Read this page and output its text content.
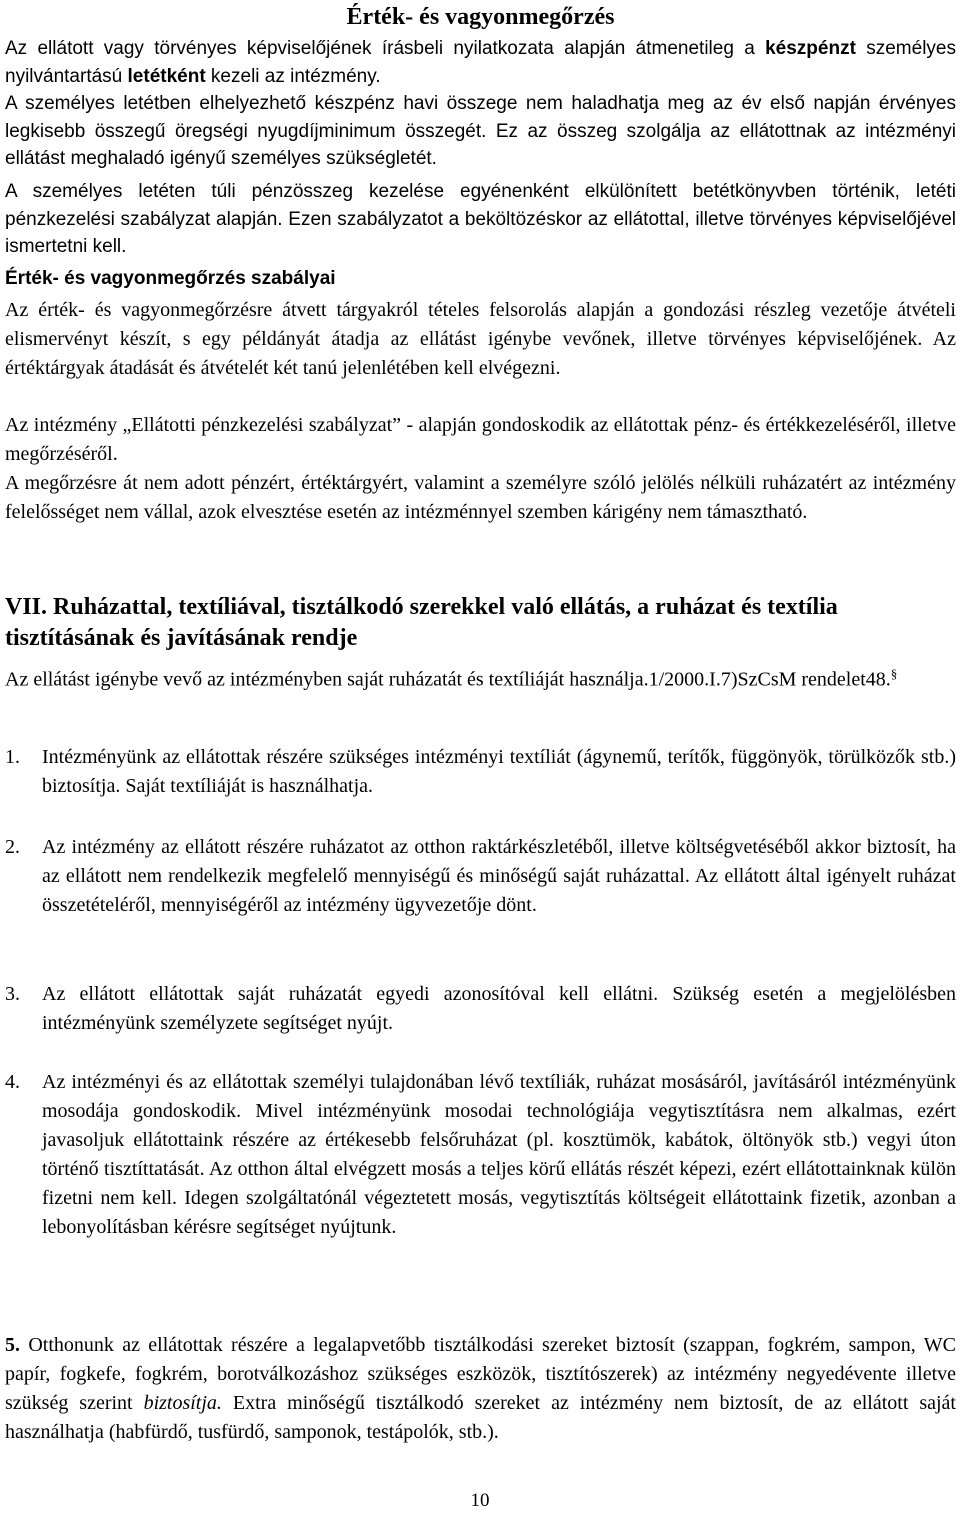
Érték- és vagyonmegőrzés

Az ellátott vagy törvényes képviselőjének írásbeli nyilatkozata alapján átmenetileg a készpénzt személyes nyilvántartású letétként kezeli az intézmény.

A személyes letétben elhelyezhető készpénz havi összege nem haladhatja meg az év első napján érvényes legkisebb összegű öregségi nyugdíjminimum összegét. Ez az összeg szolgálja az ellátottnak az intézményi ellátást meghaladó igényű személyes szükségletét.

A személyes letéten túli pénzösszeg kezelése egyénenként elkülönített betétkönyvben történik, letéti pénzkezelési szabályzat alapján. Ezen szabályzatot a beköltözéskor az ellátottal, illetve törvényes képviselőjével ismertetni kell.

Érték- és vagyonmegőrzés szabályai

Az érték- és vagyonmegőrzésre átvett tárgyakról tételes felsorolás alapján a gondozási részleg vezetője átvételi elismervényt készít, s egy példányát átadja az ellátást igénybe vevőnek, illetve törvényes képviselőjének. Az értéktárgyak átadását és átvételét két tanú jelenlétében kell elvégezni.

Az intézmény „Ellátotti pénzkezelési szabályzat” - alapján gondoskodik az ellátottak pénz- és értékkezeléséről, illetve megőrzéséről.

A megőrzésre át nem adott pénzért, értéktárgyért, valamint a személyre szóló jelölés nélküli ruházatért az intézmény felelősséget nem vállal, azok elvesztése esetén az intézménnyel szemben kárigény nem támasztható.

VII. Ruházattal, textíliával, tisztálkodó szerekkel való ellátás, a ruházat és textília tisztításának és javításának rendje

Az ellátást igénybe vevő az intézményben saját ruházatát és textíliáját használja.1/2000.I.7)SzCsM rendelet48.§

1. Intézményünk az ellátottak részére szükséges intézményi textíliát (ágynemű, terítők, függönyök, törülközők stb.) biztosítja. Saját textíliáját is használhatja.
2. Az intézmény az ellátott részére ruházatot az otthon raktárkészletéből, illetve költségvetéséből akkor biztosít, ha az ellátott nem rendelkezik megfelelő mennyiségű és minőségű saját ruházattal. Az ellátott által igényelt ruházat összetételéről, mennyiségéről az intézmény ügyvezetője dönt.
3. Az ellátott ellátottak saját ruházatát egyedi azonosítóval kell ellátni. Szükség esetén a megjelölésben intézményünk személyzete segítséget nyújt.
4. Az intézményi és az ellátottak személyi tulajdonában lévő textíliák, ruházat mosásáról, javításáról intézményünk mosodája gondoskodik. Mivel intézményünk mosodai technológiája vegytisztításra nem alkalmas, ezért javasoljuk ellátottaink részére az értékesebb felsőruházat (pl. kosztümök, kabátok, öltönyök stb.) vegyi úton történő tisztíttatását. Az otthon által elvégzett mosás a teljes körű ellátás részét képezi, ezért ellátottainknak külön fizetni nem kell. Idegen szolgáltatónál végeztetett mosás, vegytisztítás költségeit ellátottaink fizetik, azonban a lebonyolításban kérésre segítséget nyújtunk.

5. Otthonunk az ellátottak részére a legalapvetőbb tisztálkodási szereket biztosít (szappan, fogkrém, sampon, WC papír, fogkefe, fogkrém, borotválkozáshoz szükséges eszközök, tisztítószerek) az intézmény negyedévente illetve szükség szerint biztosítja. Extra minőségű tisztálkodó szereket az intézmény nem biztosít, de az ellátott saját használhatja (habfürdő, tusfürdő, samponok, testápolók, stb.).

10
